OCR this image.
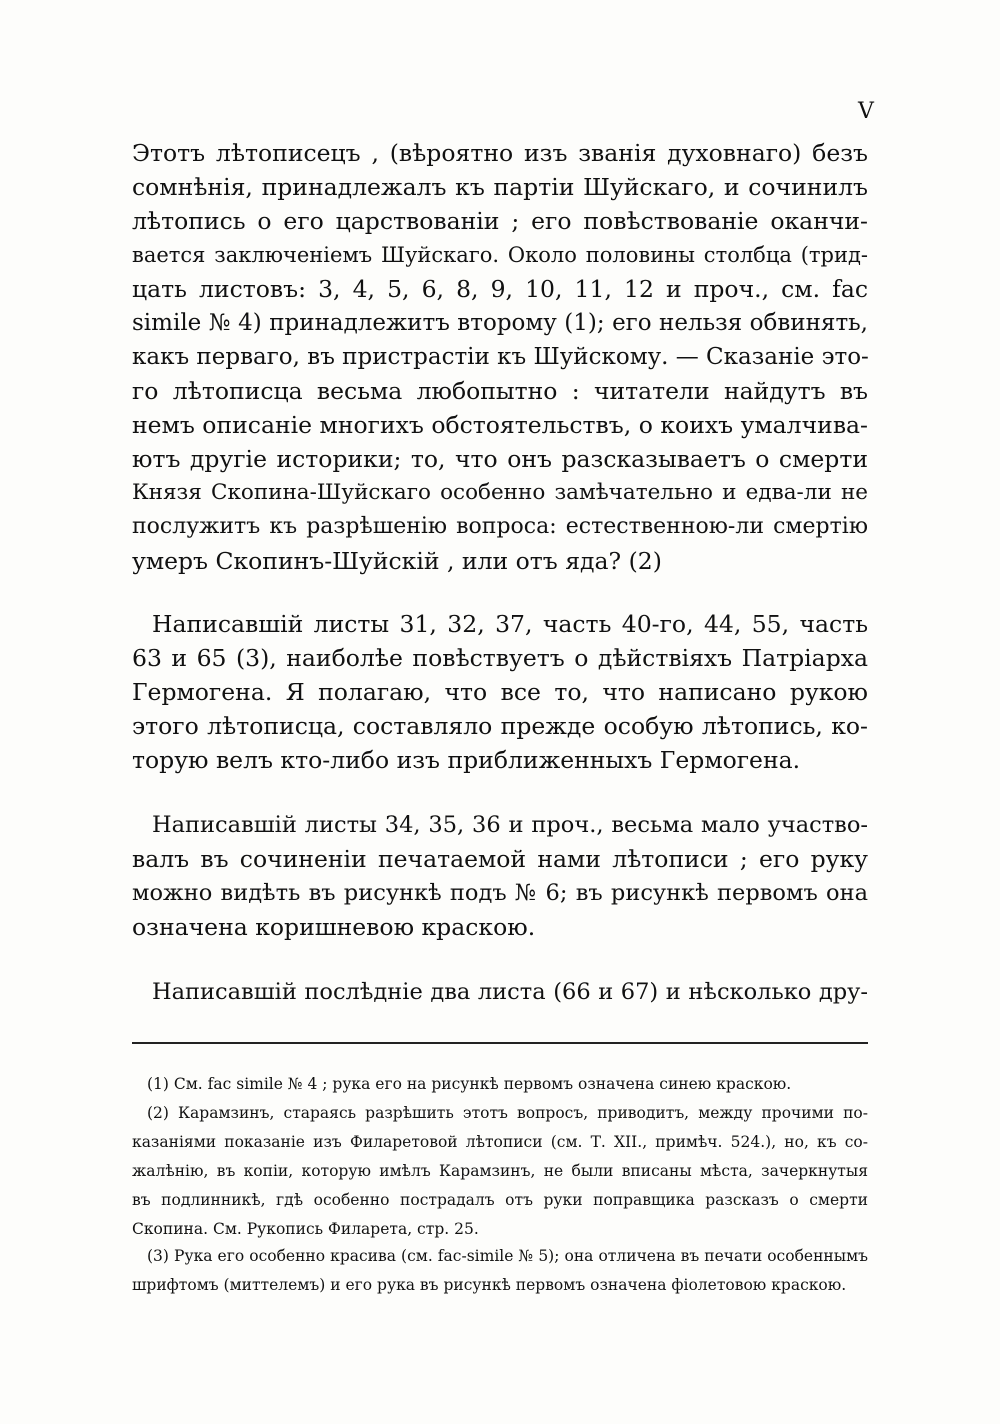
V
Этотъ лѣтописецъ , (вѣроятно изъ званія духовнаго) безъ
сомнѣнія, принадлежалъ къ партіи Шуйскаго, и сочинилъ
лѣтопись о его царствованіи ; его повѣствованіе оканчи-
вается заключеніемъ Шуйскаго. Около половины столбца (трид-
цать листовъ: 3, 4, 5, 6, 8, 9, 10, 11, 12 и проч., см. fac
simile № 4) принадлежитъ второму (1); его нельзя обвинять,
какъ перваго, въ пристрастіи къ Шуйскому. — Сказаніе это-
го лѣтописца весьма любопытно : читатели найдутъ въ
немъ описаніе многихъ обстоятельствъ, о коихъ умалчива-
ютъ другіе историки; то, что онъ разсказываетъ о смерти
Князя Скопина-Шуйскаго особенно замѣчательно и едва-ли не
послужитъ къ разрѣшенію вопроса: естественною-ли смертію
умеръ Скопинъ-Шуйскій , или отъ яда? (2)
Написавшій листы 31, 32, 37, часть 40-го, 44, 55, часть
63 и 65 (3), наиболѣе повѣствуетъ о дѣйствіяхъ Патріарха
Гермогена. Я полагаю, что все то, что написано рукою
этого лѣтописца, составляло прежде особую лѣтопись, ко-
торую велъ кто-либо изъ приближенныхъ Гермогена.
Написавшій листы 34, 35, 36 и проч., весьма мало участво-
валъ въ сочиненіи печатаемой нами лѣтописи ; его руку
можно видѣть въ рисункѣ подъ № 6; въ рисункѣ первомъ она
означена коришневою краскою.
Написавшій послѣдніе два листа (66 и 67) и нѣсколько дру-
(1) См. fac simile № 4 ; рука его на рисункѣ первомъ означена синею краскою.
(2) Карамзинъ, стараясь разрѣшить этотъ вопросъ, приводитъ, между прочими по-
казаніями показаніе изъ Филаретовой лѣтописи (см. Т. XII., примѣч. 524.), но, къ со-
жалѣнію, въ копіи, которую имѣлъ Карамзинъ, не были вписаны мѣста, зачеркнутыя
въ подлинникѣ, гдѣ особенно пострадалъ отъ руки поправщика разсказъ о смерти
Скопина. См. Рукопись Филарета, стр. 25.
(3) Рука его особенно красива (см. fac-simile № 5); она отличена въ печати особеннымъ
шрифтомъ (миттелемъ) и его рука въ рисункѣ первомъ означена фіолетовою краскою.
